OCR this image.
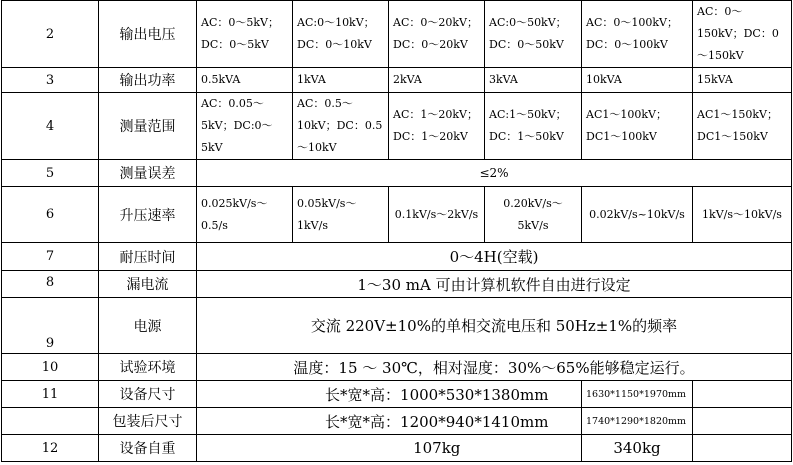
2	输出电压	AC：0～5kV；DC：0～5kV	AC:0～10kV；DC：0～10kV	AC：0～20kV；DC：0～20kV	AC:0～50kV；DC：0～50kV	AC：0～100kV；DC：0～100kV	AC：0～150kV；DC：0～150kV
3	输出功率	0.5kVA	1kVA	2kVA	3kVA	10kVA	15kVA
4	测量范围	AC：0.05～5kV；DC:0～5kV	AC：0.5～10kV；DC：0.5～10kV	AC：1～20kV；DC：1～20kV	AC:1～50kV；DC：1～50kV	AC1～100kV；DC1～100kV	AC1～150kV；DC1～150kV
5	测量误差	≤2%					
6	升压速率	0.025kV/s～0.5/s	0.05kV/s～1kV/s	0.1kV/s～2kV/s	0.20kV/s～5kV/s	0.02kV/s~10kV/s	1kV/s～10kV/s
7	耐压时间	0～4H(空载)					
8	漏电流	1～30 mA 可由计算机软件自由进行设定					
9	电源	交流 220V±10%的单相交流电压和 50Hz±1%的频率					
10	试验环境	温度：15 ～ 30℃，相对湿度：30%～65%能够稳定运行。					
11	设备尺寸		长*宽*高：1000*530*1380mm			1630*1150*1970mm	
	包装后尺寸		长*宽*高：1200*940*1410mm			1740*1290*1820mm	
12	设备自重		107kg			340kg	
